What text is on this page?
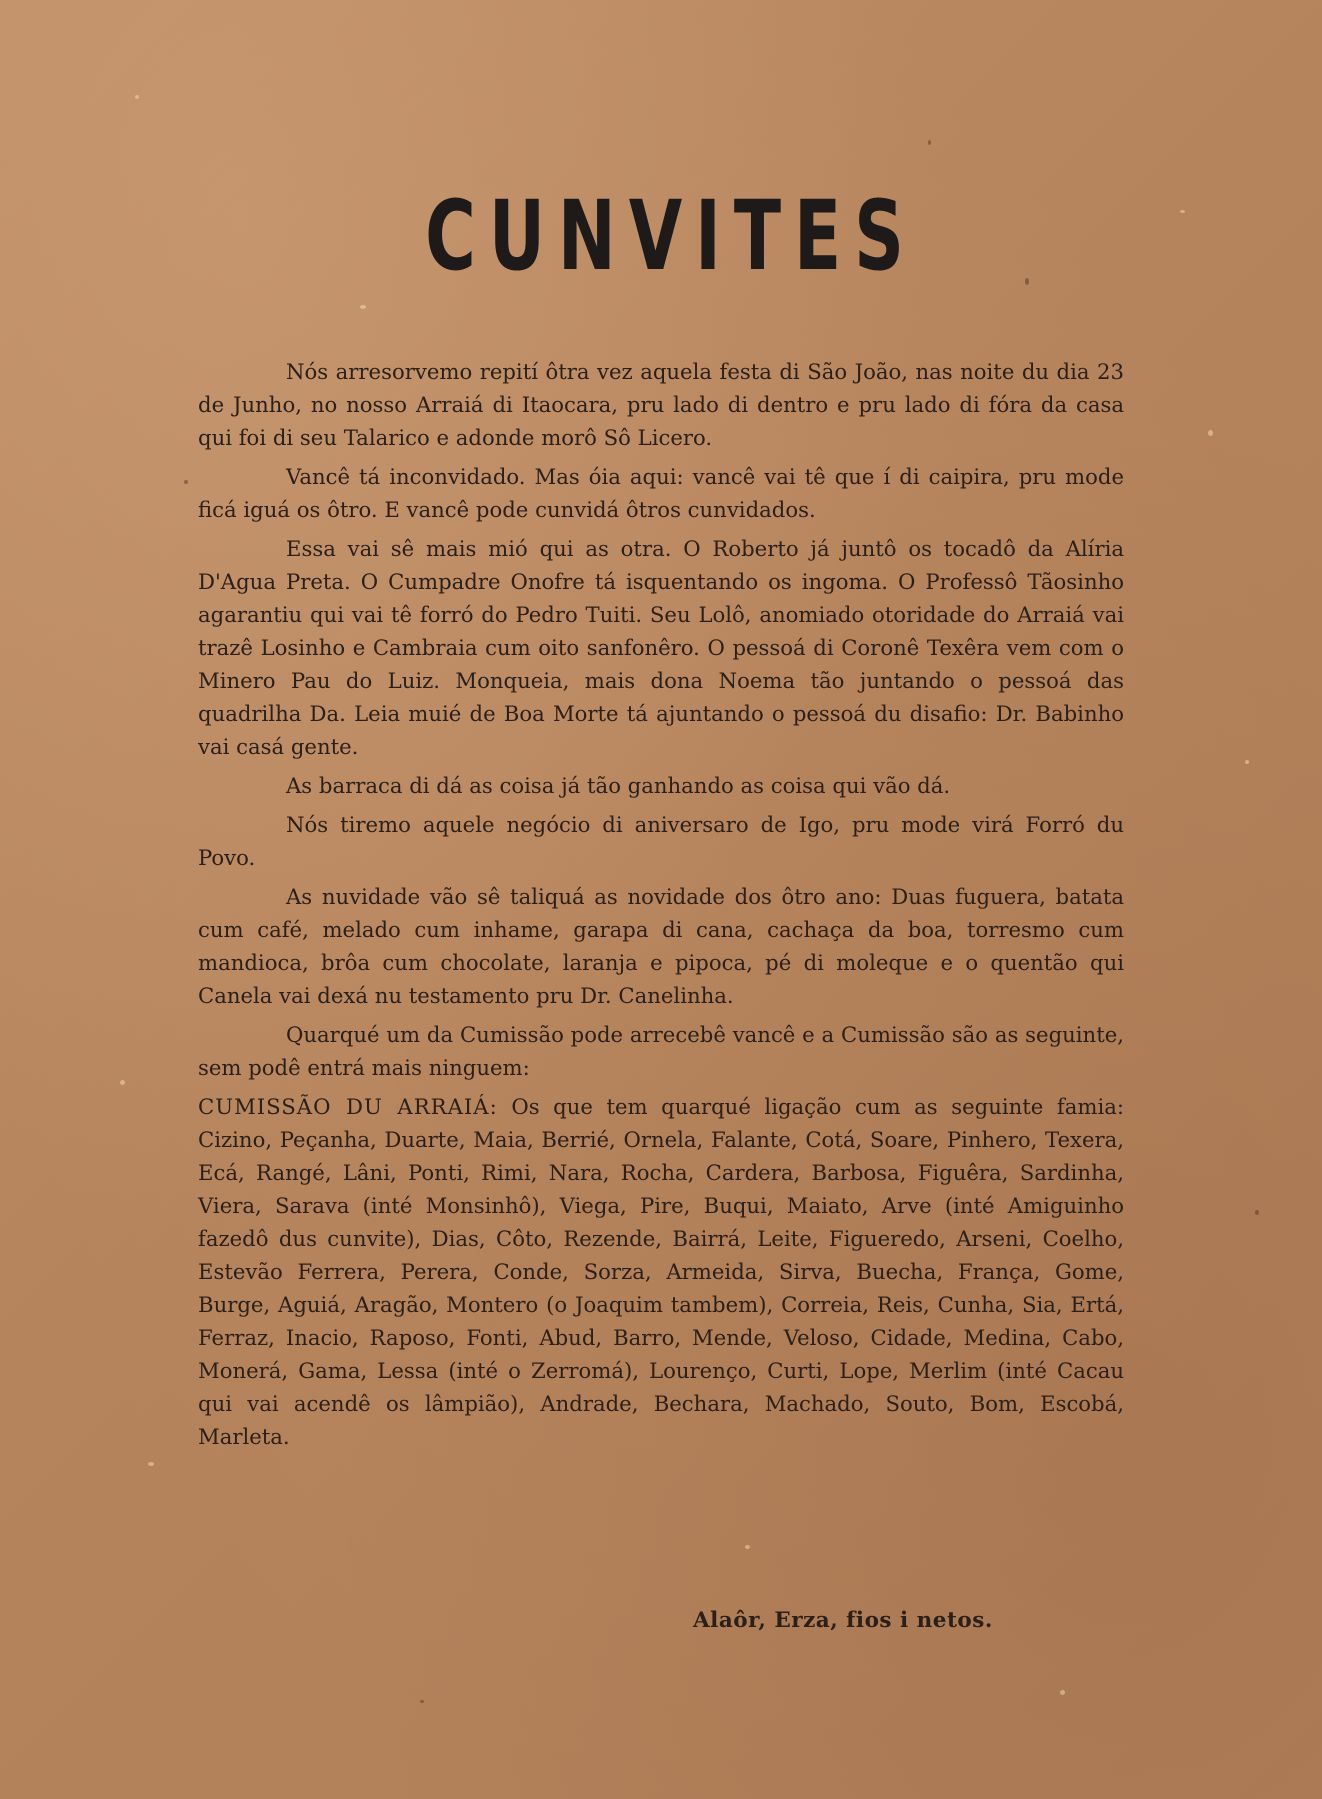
CUNVITES

Nós arresorvemo repití ôtra vez aquela festa di São João, nas noite du dia 23 de Junho, no nosso Arraiá di Itaocara, pru lado di dentro e pru lado di fóra da casa qui foi di seu Talarico e adonde morô Sô Licero.

Vancê tá inconvidado. Mas óia aqui: vancê vai tê que í di caipira, pru mode ficá iguá os ôtro. E vancê pode cunvidá ôtros cunvidados.

Essa vai sê mais mió qui as otra. O Roberto já juntô os tocadô da Alíria D'Agua Preta. O Cumpadre Onofre tá isquentando os ingoma. O Professô Tãosinho agarantiu qui vai tê forró do Pedro Tuiti. Seu Lolô, anomiado otoridade do Arraiá vai trazê Losinho e Cambraia cum oito sanfonêro. O pessoá di Coronê Texêra vem com o Minero Pau do Luiz. Monqueia, mais dona Noema tão juntando o pessoá das quadrilha Da. Leia muié de Boa Morte tá ajuntando o pessoá du disafio: Dr. Babinho vai casá gente.

As barraca di dá as coisa já tão ganhando as coisa qui vão dá.

Nós tiremo aquele negócio di aniversaro de Igo, pru mode virá Forró du Povo.

As nuvidade vão sê taliquá as novidade dos ôtro ano: Duas fuguera, batata cum café, melado cum inhame, garapa di cana, cachaça da boa, torresmo cum mandioca, brôa cum chocolate, laranja e pipoca, pé di moleque e o quentão qui Canela vai dexá nu testamento pru Dr. Canelinha.

Quarqué um da Cumissão pode arrecebê vancê e a Cumissão são as seguinte, sem podê entrá mais ninguem:

CUMISSÃO DU ARRAIÁ: Os que tem quarqué ligação cum as seguinte famia: Cizino, Peçanha, Duarte, Maia, Berrié, Ornela, Falante, Cotá, Soare, Pinhero, Texera, Ecá, Rangé, Lâni, Ponti, Rimi, Nara, Rocha, Cardera, Barbosa, Figuêra, Sardinha, Viera, Sarava (inté Monsinhô), Viega, Pire, Buqui, Maiato, Arve (inté Amiguinho fazedô dus cunvite), Dias, Côto, Rezende, Bairrá, Leite, Figueredo, Arseni, Coelho, Estevão Ferrera, Perera, Conde, Sorza, Armeida, Sirva, Buecha, França, Gome, Burge, Aguiá, Aragão, Montero (o Joaquim tambem), Correia, Reis, Cunha, Sia, Ertá, Ferraz, Inacio, Raposo, Fonti, Abud, Barro, Mende, Veloso, Cidade, Medina, Cabo, Monerá, Gama, Lessa (inté o Zerromá), Lourenço, Curti, Lope, Merlim (inté Cacau qui vai acendê os lâmpião), Andrade, Bechara, Machado, Souto, Bom, Escobá, Marleta.

Alaôr, Erza, fios i netos.
